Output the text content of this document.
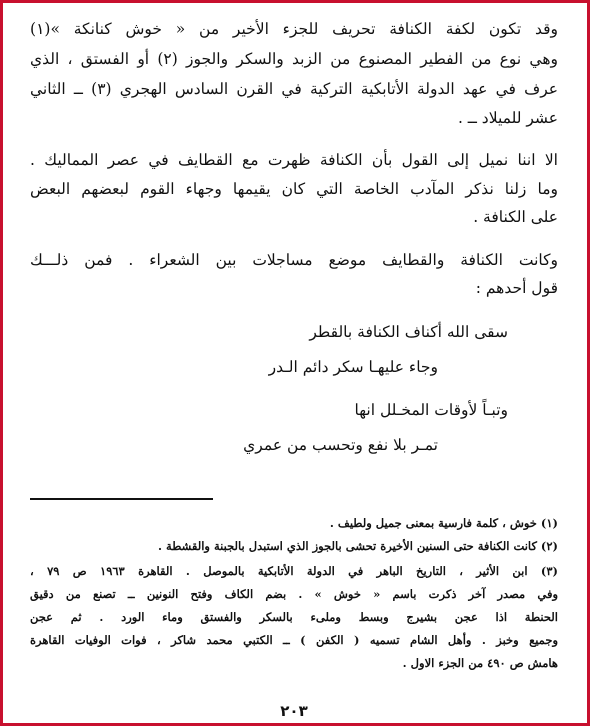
وقد تكون لكفة الكنافة تحريف للجزء الأخير من « خوش كنانكة »(١)
وهي نوع من الفطير المصنوع من الزبد والسكر والجوز (٢) أو الفستق ، الذي
عرف في عهد الدولة الأتابكية التركية في القرن السادس الهجري (٣) ــ الثاني
عشر للميلاد ــ .
الا اننا نميل إلى القول بأن الكنافة ظهرت مع القطايف في عصر المماليك .
وما زلنا نذكر المآدب الخاصة التي كان يقيمها وجهاء القوم لبعضهم البعض
على الكنافة .
وكانت الكنافة والقطايف موضع مساجلات بين الشعراء . فمن ذلـــك
قول أحدهم :
سقى الله أكناف الكنافة بالقطر
وجاء عليهـا سكر دائم الـدر
وتبـاً لأوقات المخـلل انها
تمـر بلا نفع وتحسب من عمري
(١) خوش ، كلمة فارسية بمعنى جميل ولطيف .
(٢) كانت الكنافة حتى السنين الأخيرة تحشى بالجوز الذي استبدل بالجبنة والقشطة .
(٣) ابن الأثير ، التاريخ الباهر في الدولة الأتابكية بالموصل . القاهرة ١٩٦٣ ص ٧٩ ،
وفي مصدر آخر ذكرت باسم « خوش » . بضم الكاف وفتح النونين ــ تصنع من دقيق
الحنطة اذا عجن بشيرج وبسط وملىء بالسكر والفستق وماء الورد . ثم عجن
وجميع وخبز . وأهل الشام تسميه ( الكفن ) ــ الكتبي محمد شاكر ، فوات الوفيات القاهرة
هامش ص ٤٩٠ من الجزء الاول .
٢٠٣
